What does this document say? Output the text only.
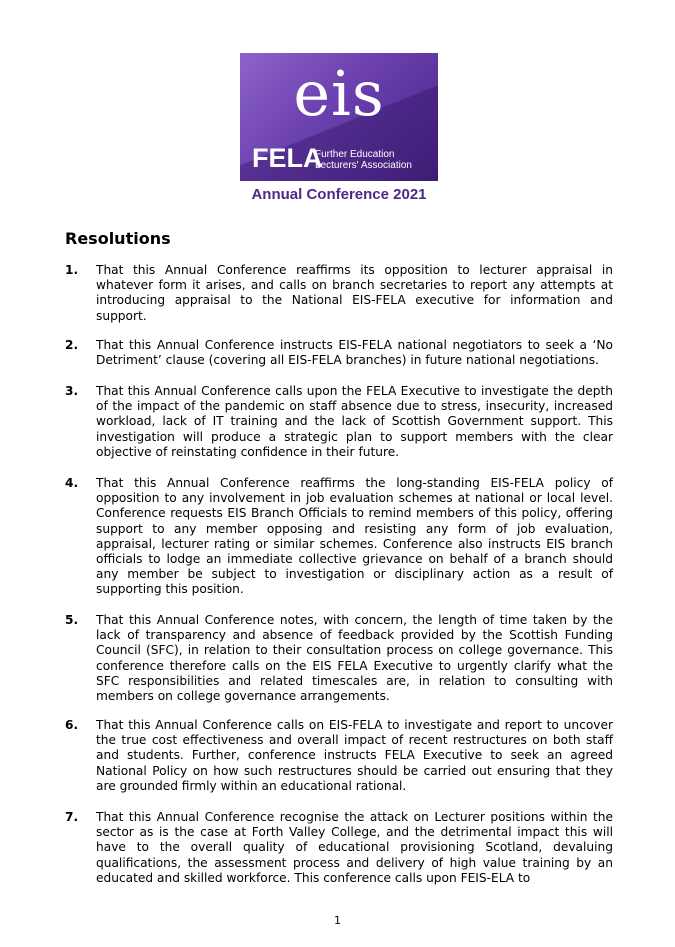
eis
FELA
Further Education
Lecturers' Association
Annual Conference 2021
Resolutions
1. That this Annual Conference reaffirms its opposition to lecturer appraisal in whatever form it arises, and calls on branch secretaries to report any attempts at introducing appraisal to the National EIS-FELA executive for information and support.
2. That this Annual Conference instructs EIS-FELA national negotiators to seek a ‘No Detriment’ clause (covering all EIS-FELA branches) in future national negotiations.
3. That this Annual Conference calls upon the FELA Executive to investigate the depth of the impact of the pandemic on staff absence due to stress, insecurity, increased workload, lack of IT training and the lack of Scottish Government support. This investigation will produce a strategic plan to support members with the clear objective of reinstating confidence in their future.
4. That this Annual Conference reaffirms the long-standing EIS-FELA policy of opposition to any involvement in job evaluation schemes at national or local level. Conference requests EIS Branch Officials to remind members of this policy, offering support to any member opposing and resisting any form of job evaluation, appraisal, lecturer rating or similar schemes. Conference also instructs EIS branch officials to lodge an immediate collective grievance on behalf of a branch should any member be subject to investigation or disciplinary action as a result of supporting this position.
5. That this Annual Conference notes, with concern, the length of time taken by the lack of transparency and absence of feedback provided by the Scottish Funding Council (SFC), in relation to their consultation process on college governance. This conference therefore calls on the EIS FELA Executive to urgently clarify what the SFC responsibilities and related timescales are, in relation to consulting with members on college governance arrangements.
6. That this Annual Conference calls on EIS-FELA to investigate and report to uncover the true cost effectiveness and overall impact of recent restructures on both staff and students. Further, conference instructs FELA Executive to seek an agreed National Policy on how such restructures should be carried out ensuring that they are grounded firmly within an educational rational.
7. That this Annual Conference recognise the attack on Lecturer positions within the sector as is the case at Forth Valley College, and the detrimental impact this will have to the overall quality of educational provisioning Scotland, devaluing qualifications, the assessment process and delivery of high value training by an educated and skilled workforce. This conference calls upon FEIS-ELA to
1
